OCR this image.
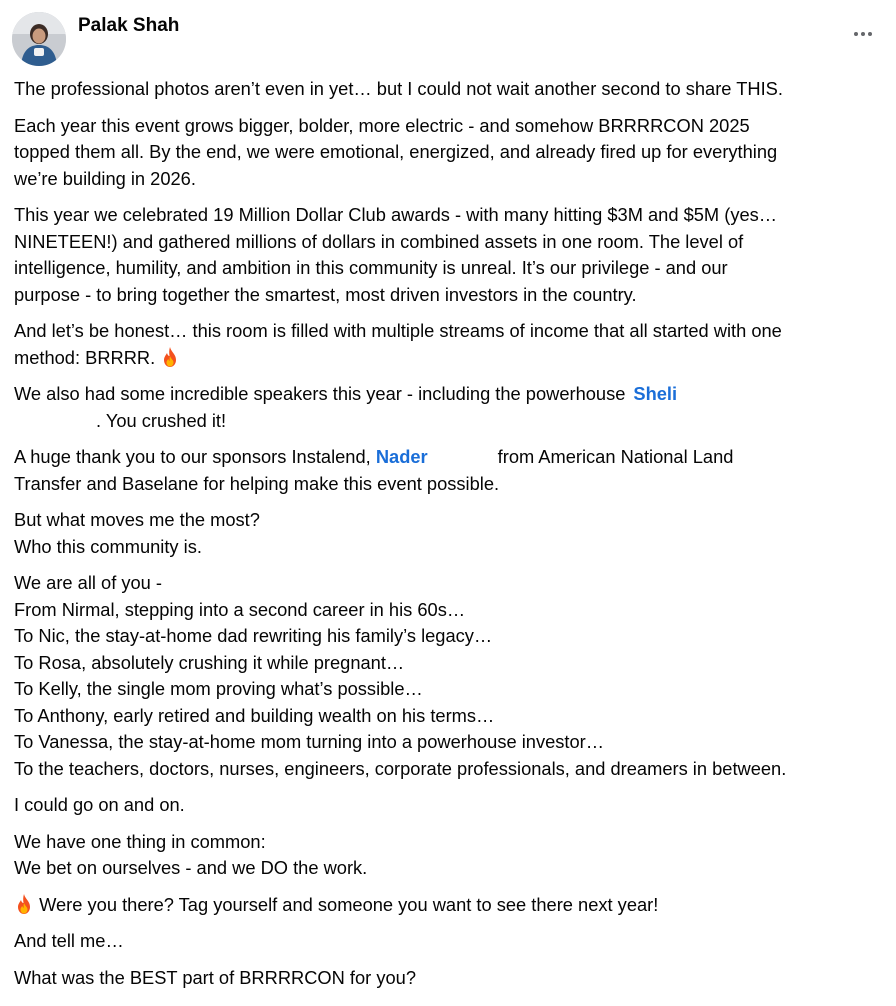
Palak Shah

The professional photos aren’t even in yet… but I could not wait another second to share THIS.

Each year this event grows bigger, bolder, more electric - and somehow BRRRRCON 2025
topped them all. By the end, we were emotional, energized, and already fired up for everything
we’re building in 2026.

This year we celebrated 19 Million Dollar Club awards - with many hitting $3M and $5M (yes…
NINETEEN!) and gathered millions of dollars in combined assets in one room. The level of
intelligence, humility, and ambition in this community is unreal. It’s our privilege - and our
purpose - to bring together the smartest, most driven investors in the country.

And let’s be honest… this room is filled with multiple streams of income that all started with one
method: BRRRR.

We also had some incredible speakers this year - including the powerhouse Sheli
. You crushed it!

A huge thank you to our sponsors Instalend, Nader	from American National Land
Transfer and Baselane for helping make this event possible.

But what moves me the most?
Who this community is.

We are all of you -
From Nirmal, stepping into a second career in his 60s…
To Nic, the stay-at-home dad rewriting his family’s legacy…
To Rosa, absolutely crushing it while pregnant…
To Kelly, the single mom proving what’s possible…
To Anthony, early retired and building wealth on his terms…
To Vanessa, the stay-at-home mom turning into a powerhouse investor…
To the teachers, doctors, nurses, engineers, corporate professionals, and dreamers in between.

I could go on and on.

We have one thing in common:
We bet on ourselves - and we DO the work.

Were you there? Tag yourself and someone you want to see there next year!

And tell me…

What was the BEST part of BRRRRCON for you?
